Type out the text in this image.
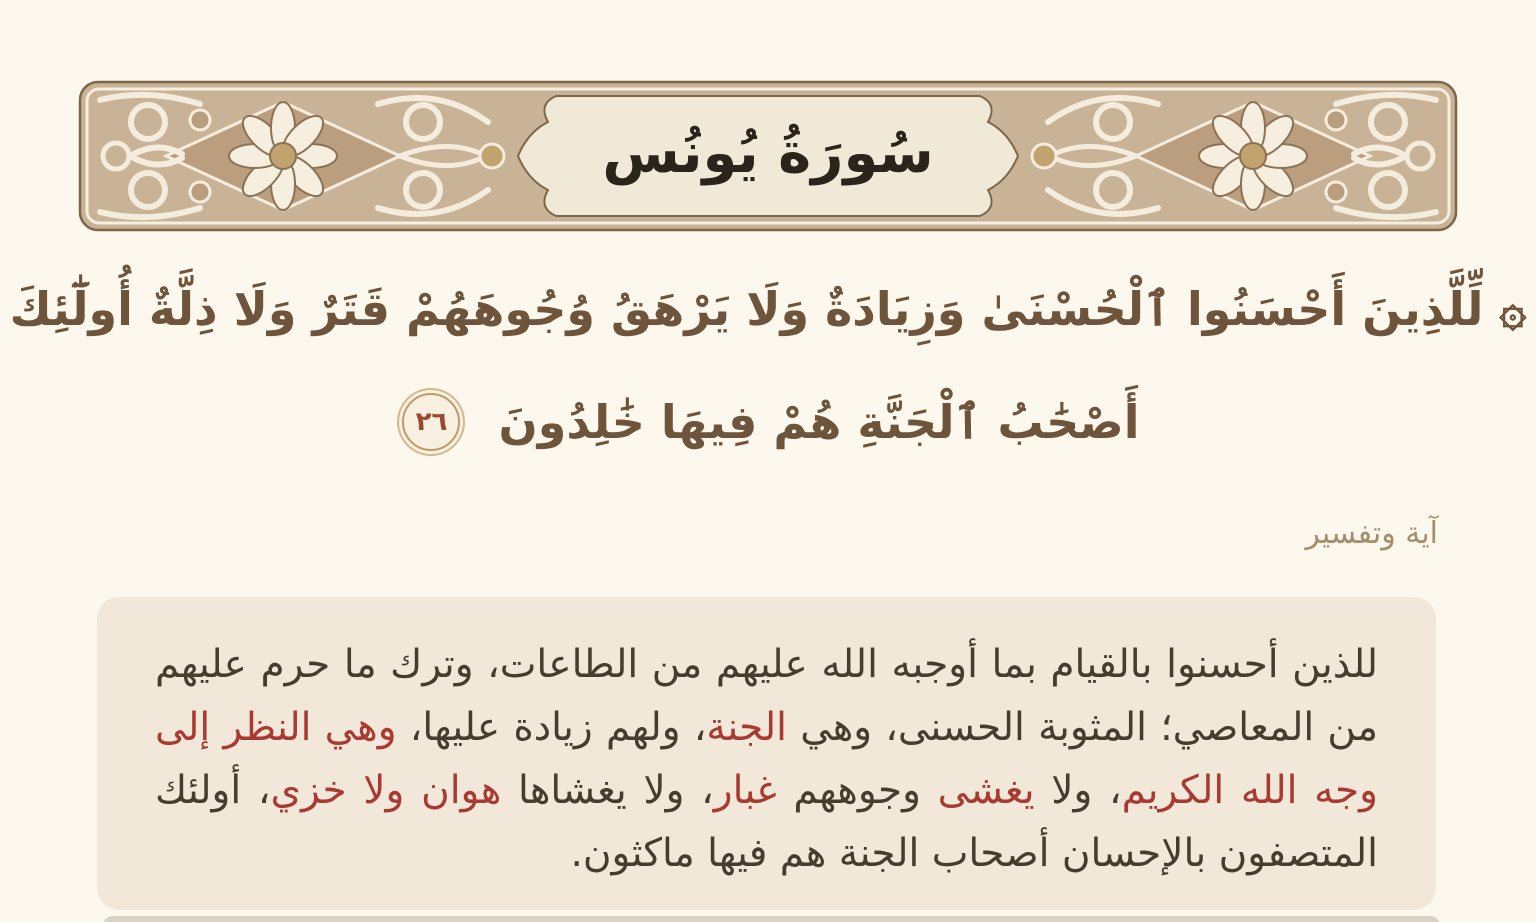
سُورَةُ يُونُس
۞ لِّلَّذِينَ أَحْسَنُوا ٱلْحُسْنَىٰ وَزِيَادَةٌ وَلَا يَرْهَقُ وُجُوهَهُمْ قَتَرٌ وَلَا ذِلَّةٌ أُولَٰٓئِكَ
أَصْحَٰبُ ٱلْجَنَّةِ هُمْ فِيهَا خَٰلِدُونَ
٢٦
آية وتفسير

للذين أحسنوا بالقيام بما أوجبه الله عليهم من الطاعات، وترك ما حرم عليهم من المعاصي؛ المثوبة الحسنى، وهي الجنة، ولهم زيادة عليها، وهي النظر إلى وجه الله الكريم، ولا يغشى وجوههم غبار، ولا يغشاها هوان ولا خزي، أولئك المتصفون بالإحسان أصحاب الجنة هم فيها ماكثون.
